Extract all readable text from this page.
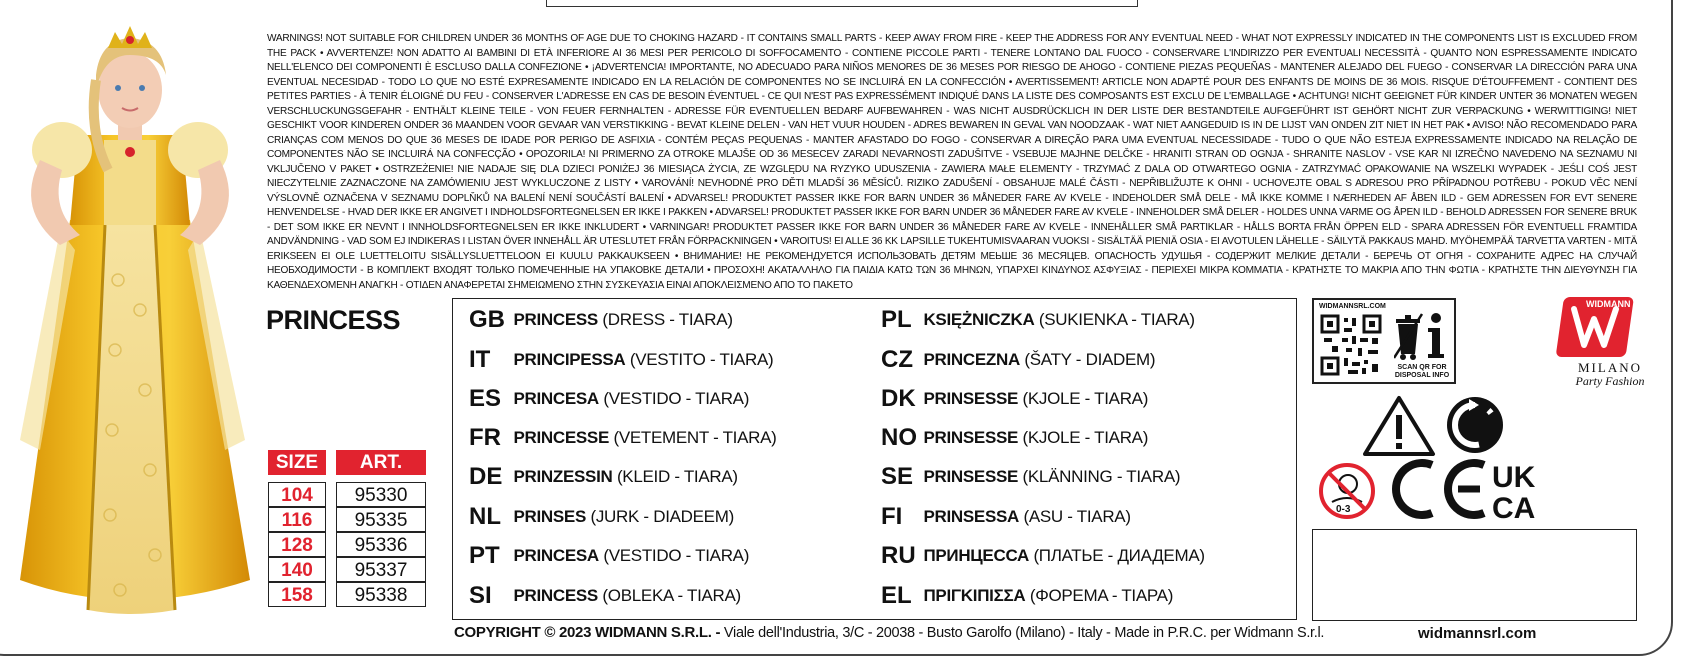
WARNINGS! NOT SUITABLE FOR CHILDREN UNDER 36 MONTHS OF AGE DUE TO CHOKING HAZARD - IT CONTAINS SMALL PARTS - KEEP AWAY FROM FIRE - KEEP THE ADDRESS FOR ANY EVENTUAL NEED - WHAT NOT EXPRESSLY INDICATED IN THE COMPONENTS LIST IS EXCLUDED FROM THE PACK • AVVERTENZE! NON ADATTO AI BAMBINI DI ETÀ INFERIORE AI 36 MESI PER PERICOLO DI SOFFOCAMENTO - CONTIENE PICCOLE PARTI - TENERE LONTANO DAL FUOCO - CONSERVARE L'INDIRIZZO PER EVENTUALI NECESSITÀ - QUANTO NON ESPRESSAMENTE INDICATO NELL'ELENCO DEI COMPONENTI È ESCLUSO DALLA CONFEZIONE • ¡ADVERTENCIA! IMPORTANTE, NO ADECUADO PARA NIÑOS MENORES DE 36 MESES POR RIESGO DE AHOGO - CONTIENE PIEZAS PEQUEÑAS - MANTENER ALEJADO DEL FUEGO - CONSERVAR LA DIRECCIÓN PARA UNA EVENTUAL NECESIDAD - TODO LO QUE NO ESTÉ EXPRESAMENTE INDICADO EN LA RELACIÓN DE COMPONENTES NO SE INCLUIRÁ EN LA CONFECCIÓN • AVERTISSEMENT! ARTICLE NON ADAPTÉ POUR DES ENFANTS DE MOINS DE 36 MOIS. RISQUE D'ÉTOUFFEMENT - CONTIENT DES PETITES PARTIES - À TENIR ÉLOIGNÉ DU FEU - CONSERVER L'ADRESSE EN CAS DE BESOIN ÉVENTUEL - CE QUI N'EST PAS EXPRESSÉMENT INDIQUÉ DANS LA LISTE DES COMPOSANTS EST EXCLU DE L'EMBALLAGE • ACHTUNG! NICHT GEEIGNET FÜR KINDER UNTER 36 MONATEN WEGEN VERSCHLUCKUNGSGEFAHR - ENTHÄLT KLEINE TEILE - VON FEUER FERNHALTEN - ADRESSE FÜR EVENTUELLEN BEDARF AUFBEWAHREN - WAS NICHT AUSDRÜCKLICH IN DER LISTE DER BESTANDTEILE AUFGEFÜHRT IST GEHÖRT NICHT ZUR VERPACKUNG • WERWITTIGING! NIET GESCHIKT VOOR KINDEREN ONDER 36 MAANDEN VOOR GEVAAR VAN VERSTIKKING - BEVAT KLEINE DELEN - VAN HET VUUR HOUDEN - ADRES BEWAREN IN GEVAL VAN NOODZAAK - WAT NIET AANGEDUID IS IN DE LIJST VAN ONDEN ZIT NIET IN HET PAK • AVISO! NÃO RECOMENDADO PARA CRIANÇAS COM MENOS DO QUE 36 MESES DE IDADE POR PERIGO DE ASFIXIA - CONTÉM PEÇAS PEQUENAS - MANTER AFASTADO DO FOGO - CONSERVAR A DIREÇÃO PARA UMA EVENTUAL NECESSIDADE - TUDO O QUE NÃO ESTEJA EXPRESSAMENTE INDICADO NA RELAÇÃO DE COMPONENTES NÃO SE INCLUIRÁ NA CONFECÇÃO • OPOZORILA! NI PRIMERNO ZA OTROKE MLAJŠE OD 36 MESECEV ZARADI NEVARNOSTI ZADUŠITVE - VSEBUJE MAJHNE DELČKE - HRANITI STRAN OD OGNJA - SHRANITE NASLOV - VSE KAR NI IZREČNO NAVEDENO NA SEZNAMU NI VKLJUČENO V PAKET • OSTRZEŻENIE! NIE NADAJE SIĘ DLA DZIECI PONIŻEJ 36 MIESIĄCA ŻYCIA, ZE WZGLĘDU NA RYZYKO UDUSZENIA - ZAWIERA MAŁE ELEMENTY - TRZYMAĆ Z DALA OD OTWARTEGO OGNIA - ZATRZYMAĆ OPAKOWANIE NA WSZELKI WYPADEK - JEŚLI COŚ JEST NIECZYTELNIE ZAZNACZONE NA ZAMÓWIENIU JEST WYKLUCZONE Z LISTY • VAROVÁNÍ! NEVHODNÉ PRO DĚTI MLADŠÍ 36 MĚSÍCŮ. RIZIKO ZADUŠENÍ - OBSAHUJE MALÉ ČÁSTI - NEPŘIBLIŽUJTE K OHNI - UCHOVEJTE OBAL S ADRESOU PRO PŘÍPADNOU POTŘEBU - POKUD VĚC NENÍ VÝSLOVNĚ OZNAČENA V SEZNAMU DOPLŇKŮ NA BALENÍ NENÍ SOUČÁSTÍ BALENÍ • ADVARSEL! PRODUKTET PASSER IKKE FOR BARN UNDER 36 MÅNEDER FARE AV KVELE - INDEHOLDER SMÅ DELE - MÅ IKKE KOMME I NÆRHEDEN AF ÅBEN ILD - GEM ADRESSEN FOR EVT SENERE HENVENDELSE - HVAD DER IKKE ER ANGIVET I INDHOLDSFORTEGNELSEN ER IKKE I PAKKEN • ADVARSEL! PRODUKTET PASSER IKKE FOR BARN UNDER 36 MÅNEDER FARE AV KVELE - INNEHOLDER SMÅ DELER - HOLDES UNNA VARME OG ÅPEN ILD - BEHOLD ADRESSEN FOR SENERE BRUK - DET SOM IKKE ER NEVNT I INNHOLDSFORTEGNELSEN ER IKKE INKLUDERT • VARNINGAR! PRODUKTET PASSER IKKE FOR BARN UNDER 36 MÅNEDER FARE AV KVELE - INNEHÅLLER SMÅ PARTIKLAR - HÅLLS BORTA FRÅN ÖPPEN ELD - SPARA ADRESSEN FÖR EVENTUELL FRAMTIDA ANDVÄNDNING - VAD SOM EJ INDIKERAS I LISTAN ÖVER INNEHÅLL ÄR UTESLUTET FRÅN FÖRPACKNINGEN • VAROITUS! EI ALLE 36 KK LAPSILLE TUKEHTUMISVAARAN VUOKSI - SISÄLTÄÄ PIENIÄ OSIA - EI AVOTULEN LÄHELLE - SÄILYTÄ PAKKAUS MAHD. MYÖHEMPÄÄ TARVETTA VARTEN - MITÄ ERIKSEEN EI OLE LUETTELOITU SISÄLLYSLUETTELOON EI KUULU PAKKAUKSEEN • ВНИМАНИЕ! НЕ РЕКОМЕНДУЕТСЯ ИСПОЛЬЗОВАТЬ ДЕТЯМ МЕЬШЕ 36 МЕСЯЦЕВ. ОПАСНОСТЬ УДУШЬЯ - СОДЕРЖИТ МЕЛКИЕ ДЕТАЛИ - БЕРЕЧЬ ОТ ОГНЯ - СОХРАНИТЕ АДРЕС НА СЛУЧАЙ НЕОБХОДИМОСТИ - В КОМПЛЕКТ ВХОДЯТ ТОЛЬКО ПОМЕЧЕННЫЕ НА УПАКОВКЕ ДЕТАЛИ • ΠΡΟΣΟΧΗ! ΑΚΑΤΑΛΛΗΛΟ ΓΙΑ ΠΑΙΔΙΑ ΚΑΤΩ ΤΩΝ 36 ΜΗΝΩΝ, ΥΠΑΡΧΕΙ ΚΙΝΔΥΝΟΣ ΑΣΦΥΞΙΑΣ - ΠΕΡΙΕΧΕΙ ΜΙΚΡΑ ΚΟΜΜΑΤΙΑ - ΚΡΑΤΗΣΤΕ ΤΟ ΜΑΚΡΙΑ ΑΠΟ ΤΗΝ ΦΩΤΙΑ - ΚΡΑΤΗΣΤΕ ΤΗΝ ΔΙΕΥΘΥΝΣΗ ΓΙΑ ΚΑΘΕΝΔΕΧΟΜΕΝΗ ΑΝΑΓΚΗ - ΟΤΙΔΕΝ ΑΝΑΦΕΡΕΤΑΙ ΣΗΜΕΙΩΜΕΝΟ ΣΤΗΝ ΣΥΣΚΕΥΑΣΙΑ ΕΙΝΑΙ ΑΠΟΚΛΕΙΣΜΕΝΟ ΑΠΟ ΤΟ ΠΑΚΕΤΟ
PRINCESS
SIZE	ART.
104	95330
116	95335
128	95336
140	95337
158	95338
GB PRINCESS (DRESS - TIARA)
IT PRINCIPESSA (VESTITO - TIARA)
ES PRINCESA (VESTIDO - TIARA)
FR PRINCESSE (VETEMENT - TIARA)
DE PRINZESSIN (KLEID - TIARA)
NL PRINSES (JURK - DIADEEM)
PT PRINCESA (VESTIDO - TIARA)
SI PRINCESS (OBLEKA - TIARA)
PL KSIĘŻNICZKA (SUKIENKA - TIARA)
CZ PRINCEZNA (ŠATY - DIADEM)
DK PRINSESSE (KJOLE - TIARA)
NO PRINSESSE (KJOLE - TIARA)
SE PRINSESSE (KLÄNNING - TIARA)
FI PRINSESSA (ASU - TIARA)
RU ПРИНЦЕССА (ПЛАТЬЕ - ДИАДЕМА)
EL ΠΡΙΓΚΙΠΙΣΣΑ (ΦΟΡΕΜΑ - ΤΙΑΡΑ)
COPYRIGHT © 2023 WIDMANN S.R.L. - Viale dell'Industria, 3/C - 20038 - Busto Garolfo (Milano) - Italy - Made in P.R.C. per Widmann S.r.l.	widmannsrl.com
WIDMANNSRL.COM
SCAN QR FOR DISPOSAL INFO
WIDMANN
MILANO
Party Fashion
0-3
UK
CA
